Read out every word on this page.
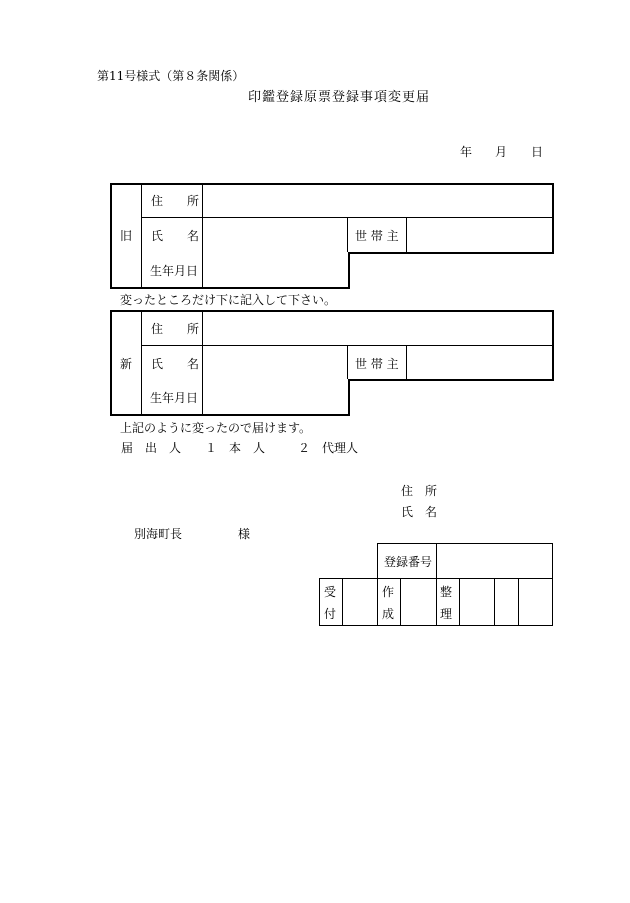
第11号様式（第８条関係）
印鑑登録原票登録事項変更届
年 月 日
旧
住　　所
氏　　名	世 帯 主
生年月日
変ったところだけ下に記入して下さい。
新
住　　所
氏　　名	世 帯 主
生年月日
上記のように変ったので届けます。
届　出　人 １　本　人	２　代理人
住　所
氏　名
別海町長	様
登録番号
受
付
作
成
整
理
